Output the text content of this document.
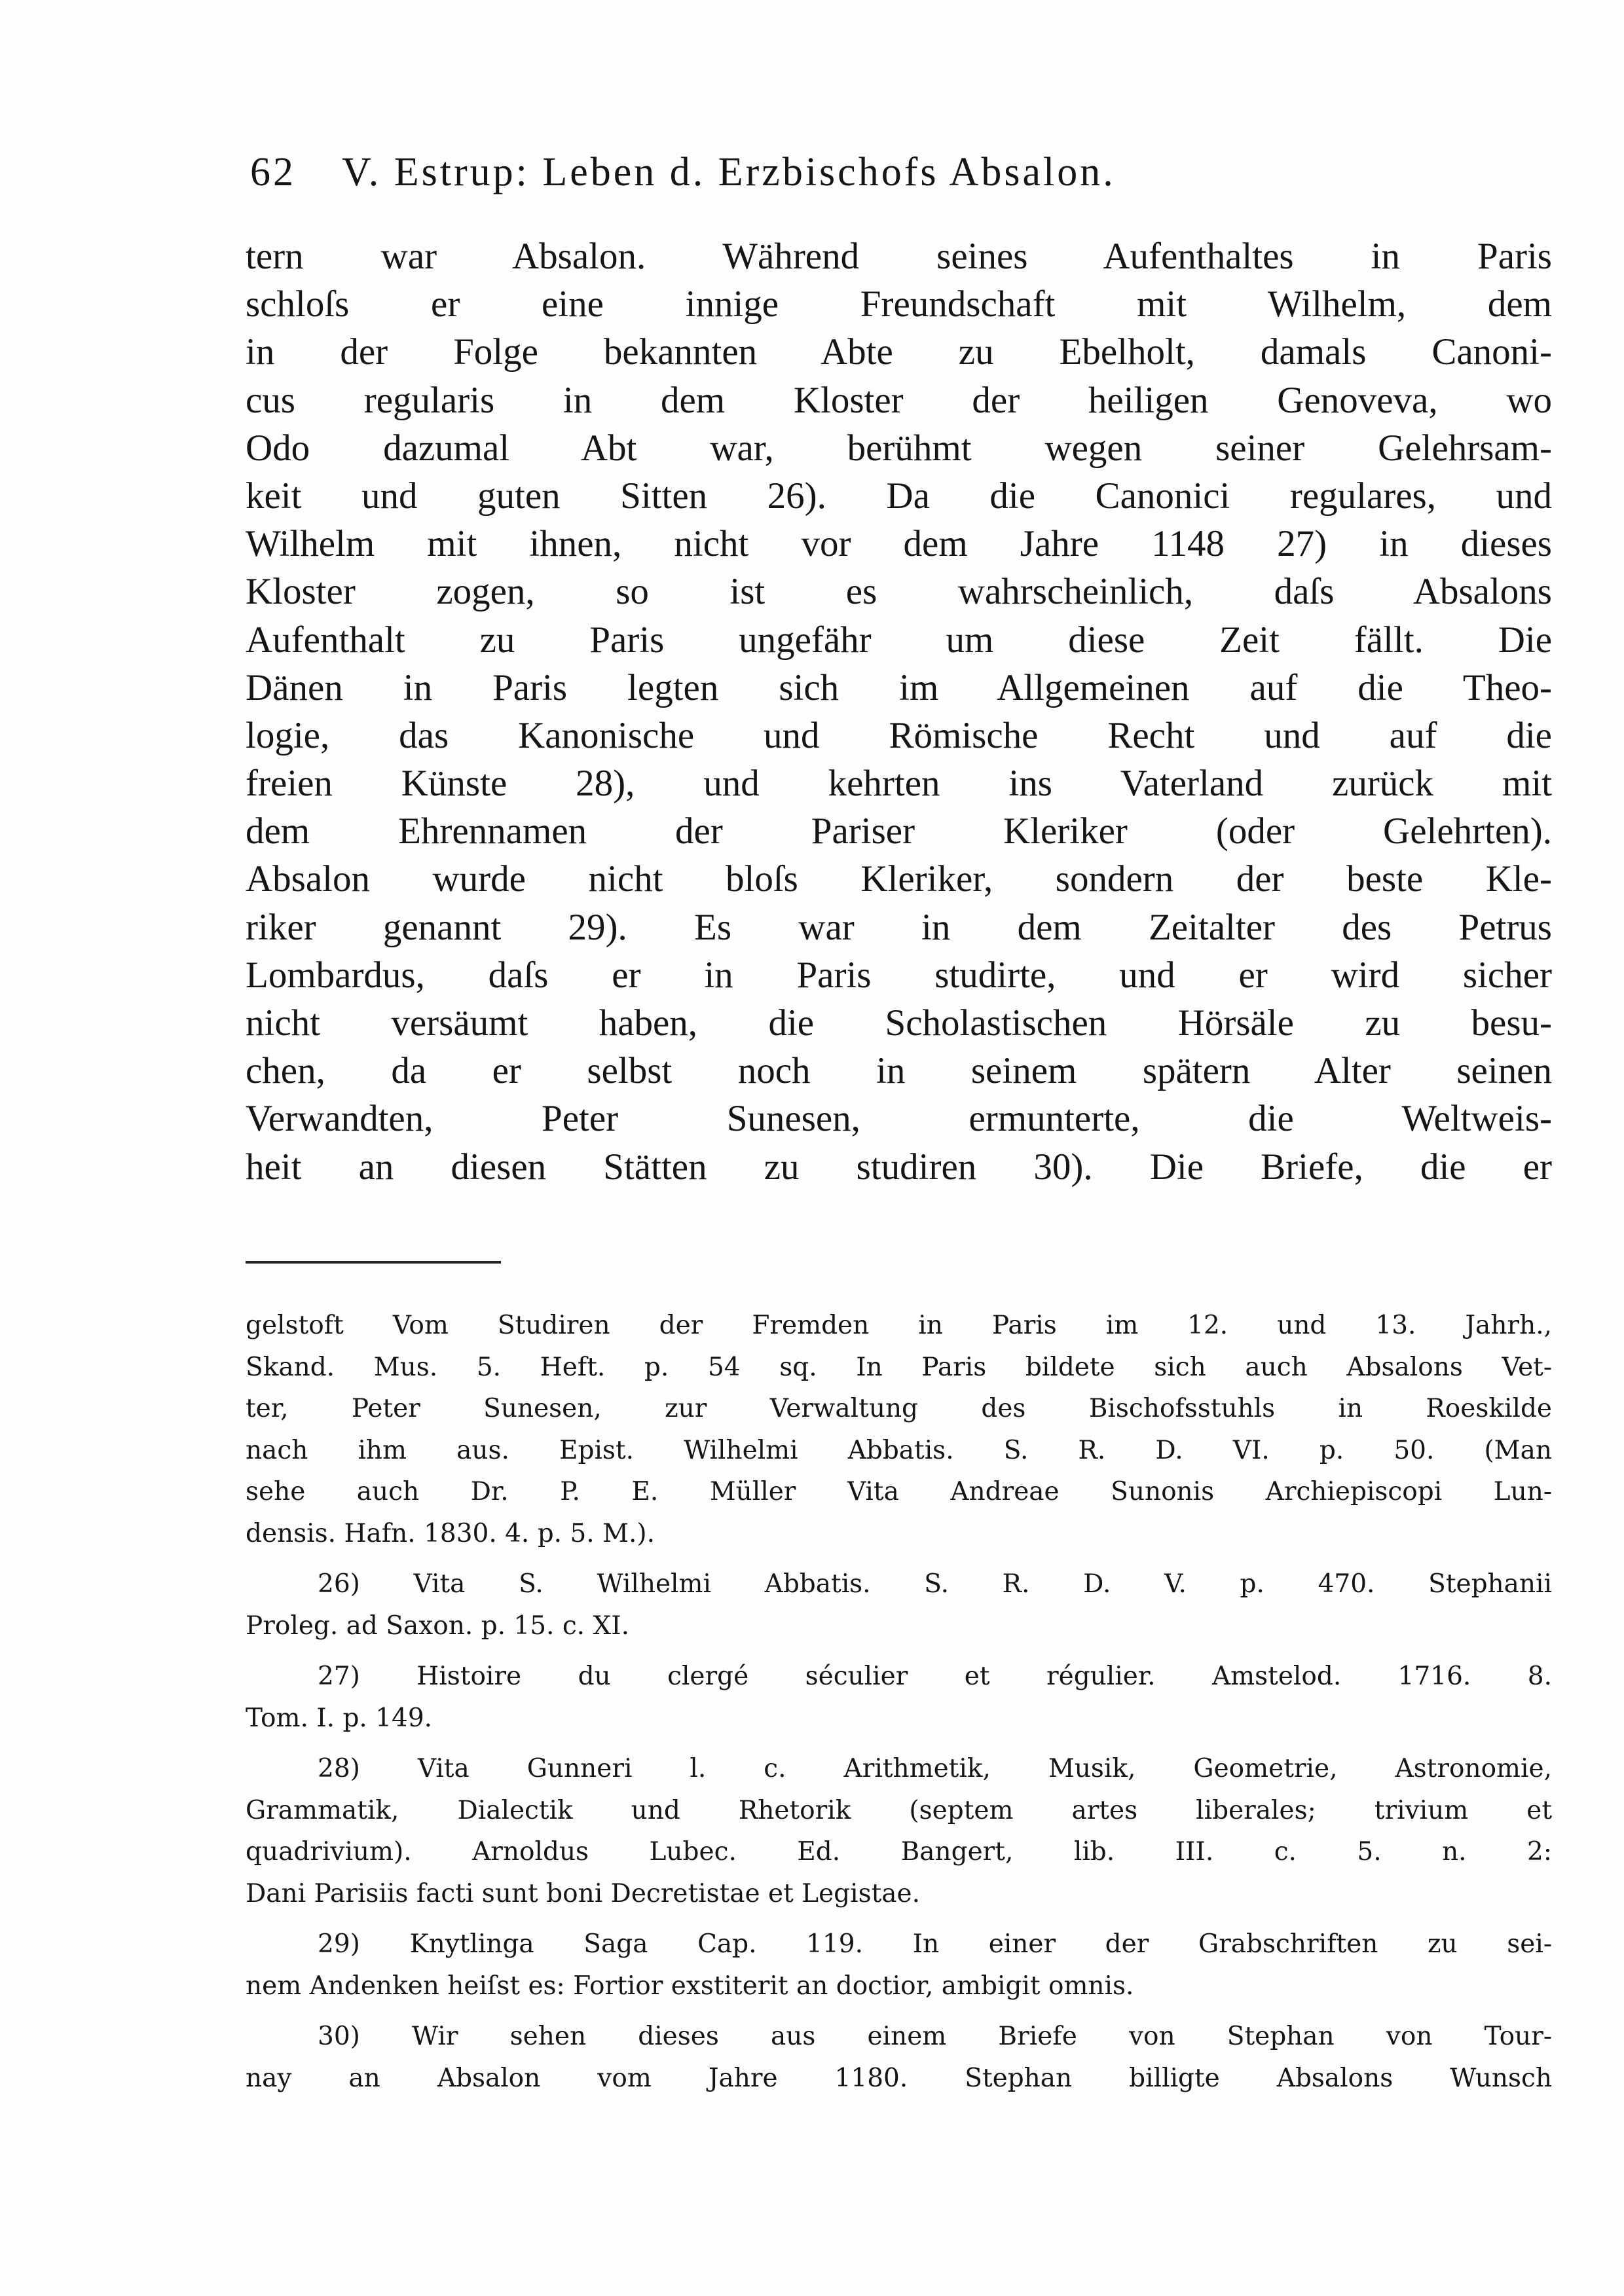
62 V. Estrup: Leben d. Erzbischofs Absalon.
tern war Absalon. Während seines Aufenthaltes in Paris
schloſs er eine innige Freundschaft mit Wilhelm, dem
in der Folge bekannten Abte zu Ebelholt, damals Canoni-
cus regularis in dem Kloster der heiligen Genoveva, wo
Odo dazumal Abt war, berühmt wegen seiner Gelehrsam-
keit und guten Sitten 26). Da die Canonici regulares, und
Wilhelm mit ihnen, nicht vor dem Jahre 1148 27) in dieses
Kloster zogen, so ist es wahrscheinlich, daſs Absalons
Aufenthalt zu Paris ungefähr um diese Zeit fällt. Die
Dänen in Paris legten sich im Allgemeinen auf die Theo-
logie, das Kanonische und Römische Recht und auf die
freien Künste 28), und kehrten ins Vaterland zurück mit
dem Ehrennamen der Pariser Kleriker (oder Gelehrten).
Absalon wurde nicht bloſs Kleriker, sondern der beste Kle-
riker genannt 29). Es war in dem Zeitalter des Petrus
Lombardus, daſs er in Paris studirte, und er wird sicher
nicht versäumt haben, die Scholastischen Hörsäle zu besu-
chen, da er selbst noch in seinem spätern Alter seinen
Verwandten, Peter Sunesen, ermunterte, die Weltweis-
heit an diesen Stätten zu studiren 30). Die Briefe, die er
gelstoft Vom Studiren der Fremden in Paris im 12. und 13. Jahrh.,
Skand. Mus. 5. Heft. p. 54 sq. In Paris bildete sich auch Absalons Vet-
ter, Peter Sunesen, zur Verwaltung des Bischofsstuhls in Roeskilde
nach ihm aus. Epist. Wilhelmi Abbatis. S. R. D. VI. p. 50. (Man
sehe auch Dr. P. E. Müller Vita Andreae Sunonis Archiepiscopi Lun-
densis. Hafn. 1830. 4. p. 5. M.).
26) Vita S. Wilhelmi Abbatis. S. R. D. V. p. 470. Stephanii
Proleg. ad Saxon. p. 15. c. XI.
27) Histoire du clergé séculier et régulier. Amstelod. 1716. 8.
Tom. I. p. 149.
28) Vita Gunneri l. c. Arithmetik, Musik, Geometrie, Astronomie,
Grammatik, Dialectik und Rhetorik (septem artes liberales; trivium et
quadrivium). Arnoldus Lubec. Ed. Bangert, lib. III. c. 5. n. 2:
Dani Parisiis facti sunt boni Decretistae et Legistae.
29) Knytlinga Saga Cap. 119. In einer der Grabschriften zu sei-
nem Andenken heiſst es: Fortior exstiterit an doctior, ambigit omnis.
30) Wir sehen dieses aus einem Briefe von Stephan von Tour-
nay an Absalon vom Jahre 1180. Stephan billigte Absalons Wunsch
